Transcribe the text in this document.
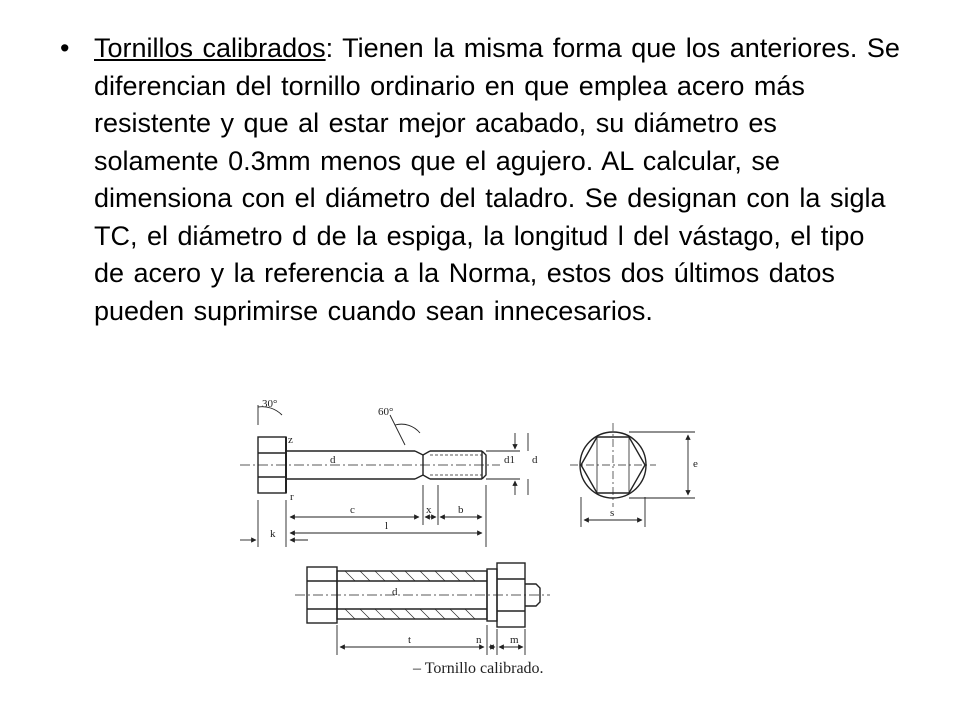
• Tornillos calibrados: Tienen la misma forma que los anteriores. Se diferencian del tornillo ordinario en que emplea acero más resistente y que al estar mejor acabado, su diámetro es solamente 0.3mm menos que el agujero. AL calcular, se dimensiona con el diámetro del taladro. Se designan con la sigla TC, el diámetro d de la espiga, la longitud l del vástago, el tipo de acero y la referencia a la Norma, estos dos últimos datos pueden suprimirse cuando sean innecesarios.

30°
60°
z
d	d1 d	e
r
c	x b
l
k
s
d
t	n	m
– Tornillo calibrado.
